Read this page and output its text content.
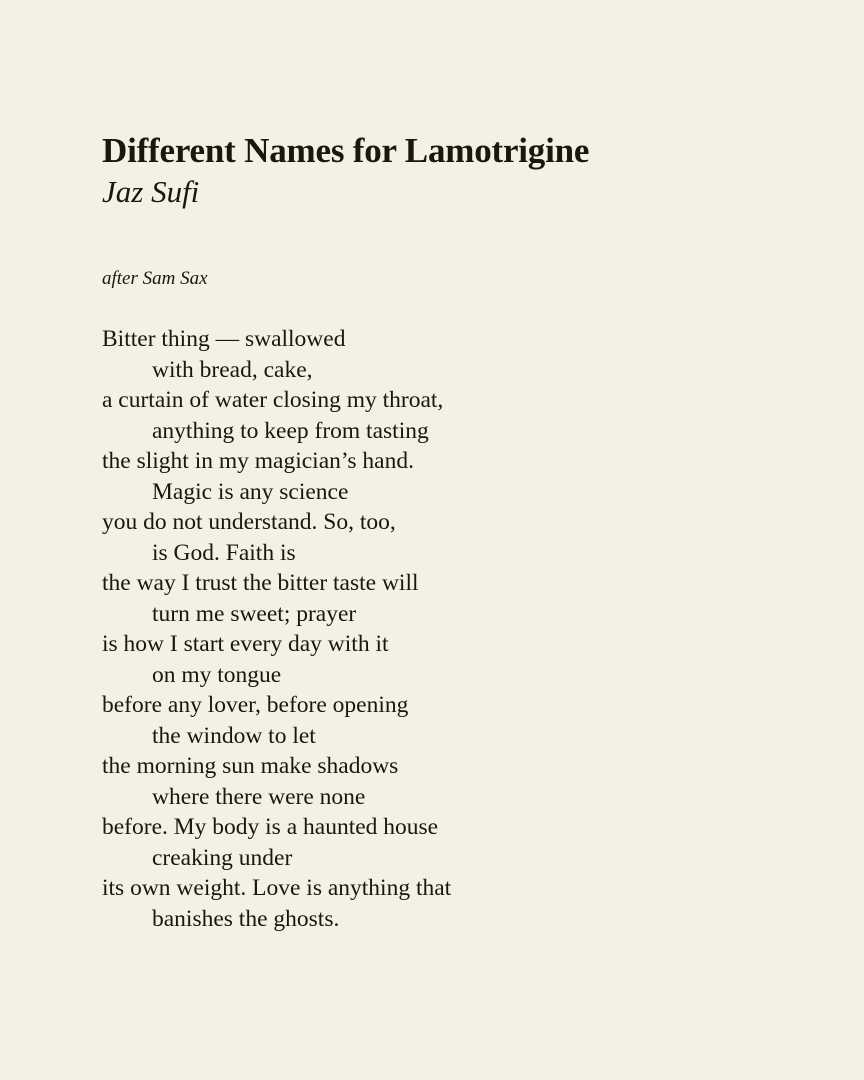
Different Names for Lamotrigine
Jaz Sufi
after Sam Sax
Bitter thing — swallowed
with bread, cake,
a curtain of water closing my throat,
anything to keep from tasting
the slight in my magician’s hand.
Magic is any science
you do not understand. So, too,
is God. Faith is
the way I trust the bitter taste will
turn me sweet; prayer
is how I start every day with it
on my tongue
before any lover, before opening
the window to let
the morning sun make shadows
where there were none
before. My body is a haunted house
creaking under
its own weight. Love is anything that
banishes the ghosts.
